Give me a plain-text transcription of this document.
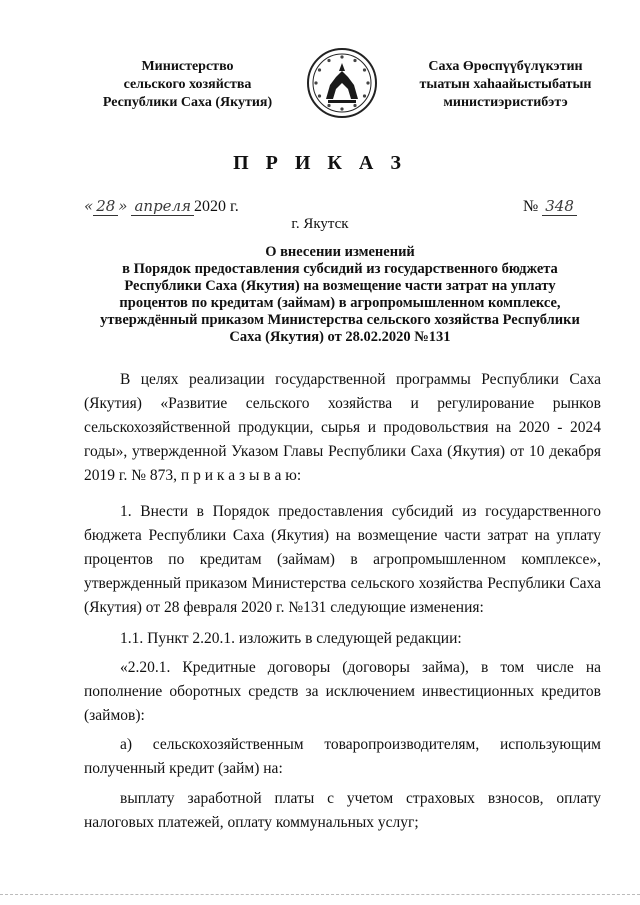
Министерство
сельского хозяйства
Республики Саха (Якутия)
Саха Өрөспүүбүлүкэтин
тыатын хаһаайыстыбатын
министиэристибэтэ
П Р И К А З
« 28 » апреля 2020 г.	№ 348
г. Якутск
О внесении изменений
в Порядок предоставления субсидий из государственного бюджета
Республики Саха (Якутия) на возмещение части затрат на уплату
процентов по кредитам (займам) в агропромышленном комплексе,
утверждённый приказом Министерства сельского хозяйства Республики
Саха (Якутия) от 28.02.2020 №131

В целях реализации государственной программы Республики Саха (Якутия) «Развитие сельского хозяйства и регулирование рынков сельскохозяйственной продукции, сырья и продовольствия на 2020 - 2024 годы», утвержденной Указом Главы Республики Саха (Якутия) от 10 декабря 2019 г. № 873, п р и к а з ы в а ю:

1. Внести в Порядок предоставления субсидий из государственного бюджета Республики Саха (Якутия) на возмещение части затрат на уплату процентов по кредитам (займам) в агропромышленном комплексе», утвержденный приказом Министерства сельского хозяйства Республики Саха (Якутия) от 28 февраля 2020 г. №131 следующие изменения:

1.1. Пункт 2.20.1. изложить в следующей редакции:

«2.20.1. Кредитные договоры (договоры займа), в том числе на пополнение оборотных средств за исключением инвестиционных кредитов (займов):

а) сельскохозяйственным товаропроизводителям, использующим полученный кредит (займ) на:

выплату заработной платы с учетом страховых взносов, оплату налоговых платежей, оплату коммунальных услуг;
